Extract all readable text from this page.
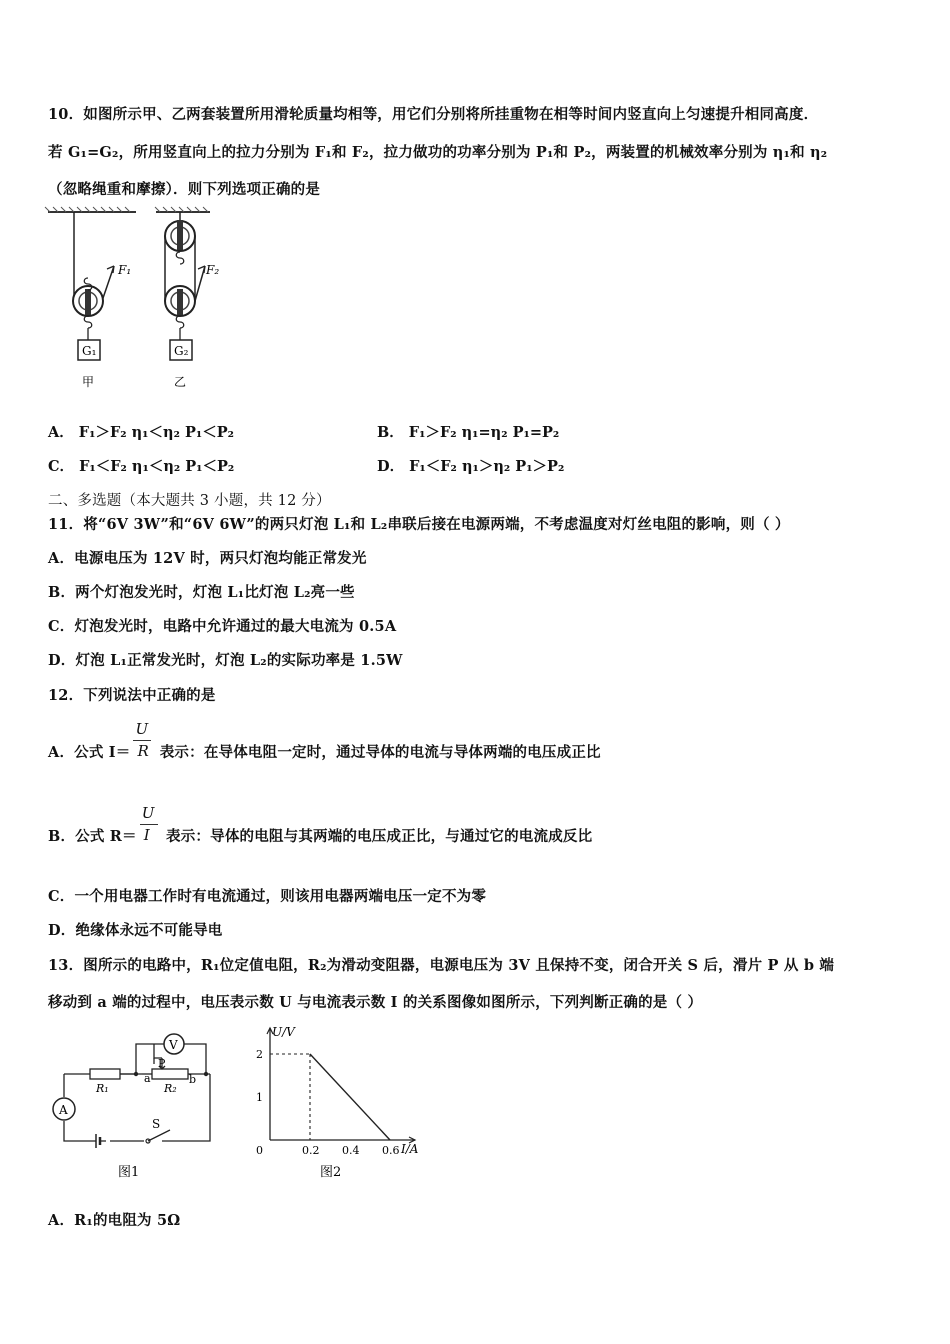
10．如图所示甲、乙两套装置所用滑轮质量均相等，用它们分别将所挂重物在相等时间内竖直向上匀速提升相同高度．
若 G₁=G₂，所用竖直向上的拉力分别为 F₁和 F₂，拉力做功的功率分别为 P₁和 P₂，两装置的机械效率分别为 η₁和 η₂
（忽略绳重和摩擦）．则下列选项正确的是
F₁
G₁
甲
F₂
G₂
乙
A． F₁＞F₂ η₁＜η₂ P₁＜P₂	B． F₁＞F₂ η₁=η₂ P₁=P₂
C． F₁＜F₂ η₁＜η₂ P₁＜P₂	D． F₁＜F₂ η₁＞η₂ P₁＞P₂
二、多选题（本大题共 3 小题，共 12 分）
11．将“6V 3W”和“6V 6W”的两只灯泡 L₁和 L₂串联后接在电源两端，不考虑温度对灯丝电阻的影响，则（ ）
A．电源电压为 12V 时，两只灯泡均能正常发光
B．两个灯泡发光时，灯泡 L₁比灯泡 L₂亮一些
C．灯泡发光时，电路中允许通过的最大电流为 0.5A
D．灯泡 L₁正常发光时，灯泡 L₂的实际功率是 1.5W
12．下列说法中正确的是
A．公式 $I= \frac{U}{R}$ 表示：在导体电阻一定时，通过导体的电流与导体两端的电压成正比
B．公式 $R= \frac{U}{I}$ 表示：导体的电阻与其两端的电压成正比，与通过它的电流成反比
C．一个用电器工作时有电流通过，则该用电器两端电压一定不为零
D．绝缘体永远不可能导电
13．图所示的电路中，R₁位定值电阻，R₂为滑动变阻器，电源电压为 3V 且保持不变，闭合开关 S 后，滑片 P 从 b 端
移动到 a 端的过程中，电压表示数 U 与电流表示数 I 的关系图像如图所示，下列判断正确的是（ ）
V
A
S
R₁	R₂
P
a	b
图1
0	0.2 0.4 0.6
1
2
U/V
I/A
图2
A．R₁的电阻为 5Ω
